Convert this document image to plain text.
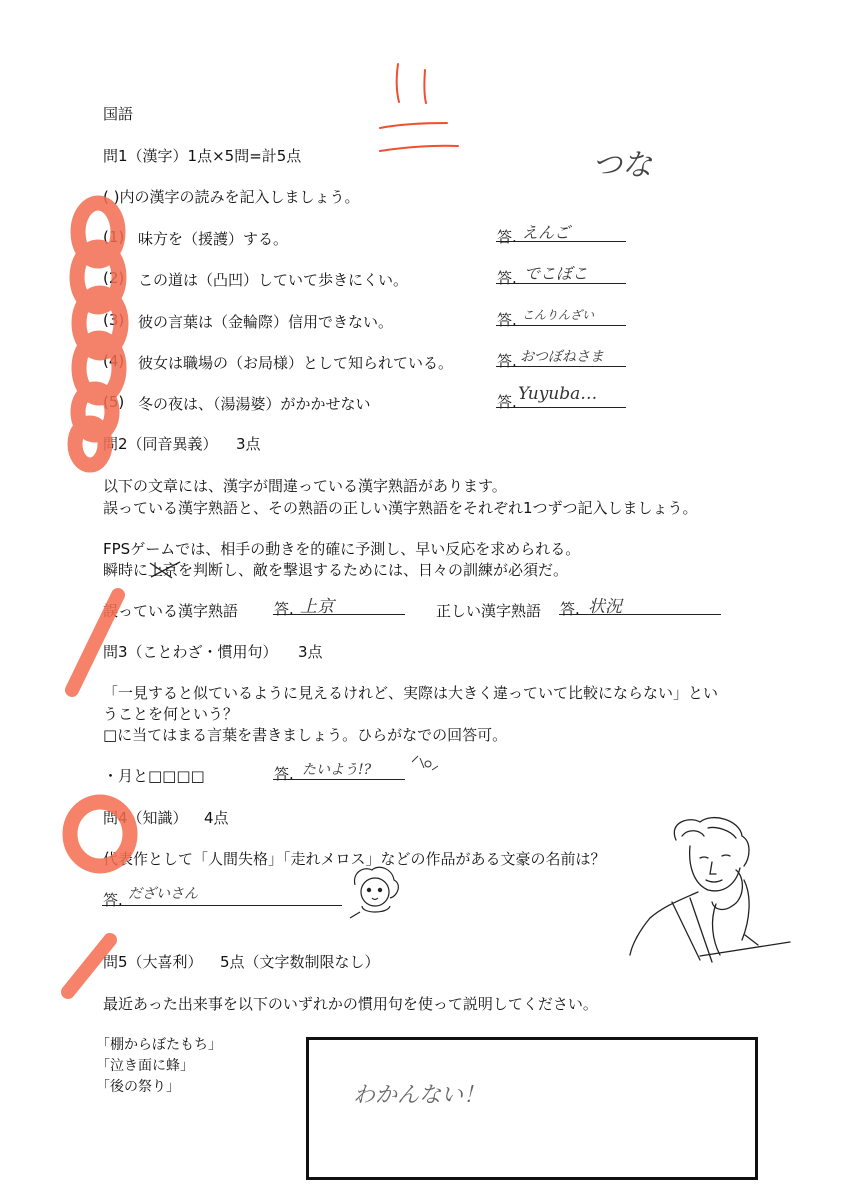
国語
つな
問1（漢字）1点×5問=計5点
( )内の漢字の読みを記入しましょう。
(1) 味方を（援護）する。	答. えんご
(2) この道は（凸凹）していて歩きにくい。	答. でこぼこ
(3) 彼の言葉は（金輪際）信用できない。	答. こんりんざい
(4) 彼女は職場の（お局様）として知られている。	答. おつぼねさま
(5) 冬の夜は、（湯湯婆）がかかせない	答. Yuyuba…
問2（同音異義） 3点
以下の文章には、漢字が間違っている漢字熟語があります。
誤っている漢字熟語と、その熟語の正しい漢字熟語をそれぞれ1つずつ記入しましょう。
FPSゲームでは、相手の動きを的確に予測し、早い反応を求められる。
瞬時に上京を判断し、敵を撃退するためには、日々の訓練が必須だ。
誤っている漢字熟語 答. 上京	正しい漢字熟語 答. 状況
問3（ことわざ・慣用句） 3点
「一見すると似ているように見えるけれど、実際は大きく違っていて比較にならない」とい
うことを何という？
□に当てはまる言葉を書きましょう。ひらがなでの回答可。
・月と□□□□	答. たいよう!?
問4（知識） 4点
代表作として「人間失格」「走れメロス」などの作品がある文豪の名前は？
答. だざいさん
問5（大喜利） 5点（文字数制限なし）
最近あった出来事を以下のいずれかの慣用句を使って説明してください。
「棚からぼたもち」
「泣き面に蜂」
「後の祭り」	わかんない！
